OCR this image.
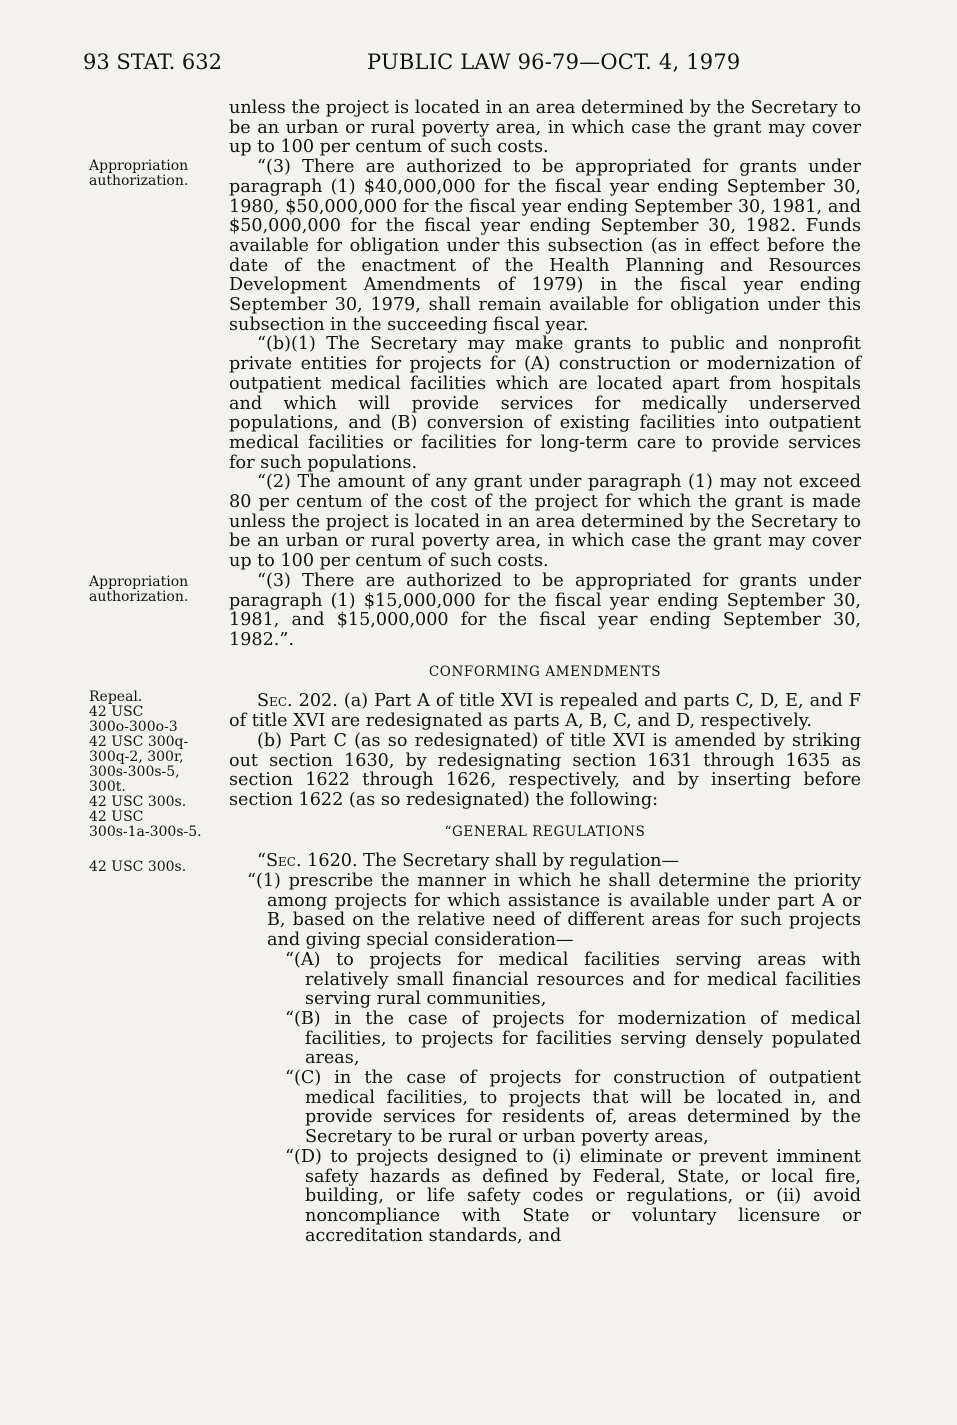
93 STAT. 632	PUBLIC LAW 96-79—OCT. 4, 1979
Appropriation
authorization.
Appropriation
authorization.
Repeal.
42 USC
300o-300o-3
42 USC 300q-
300q-2, 300r,
300s-300s-5,
300t.
42 USC 300s.
42 USC
300s-1a-300s-5.
42 USC 300s.

unless the project is located in an area determined by the Secretary to be an urban or rural poverty area, in which case the grant may cover up to 100 per centum of such costs.

“(3) There are authorized to be appropriated for grants under paragraph (1) $40,000,000 for the fiscal year ending September 30, 1980, $50,000,000 for the fiscal year ending September 30, 1981, and $50,000,000 for the fiscal year ending September 30, 1982. Funds available for obligation under this subsection (as in effect before the date of the enactment of the Health Planning and Resources Development Amendments of 1979) in the fiscal year ending September 30, 1979, shall remain available for obligation under this subsection in the succeeding fiscal year.

“(b)(1) The Secretary may make grants to public and nonprofit private entities for projects for (A) construction or modernization of outpatient medical facilities which are located apart from hospitals and which will provide services for medically underserved populations, and (B) conversion of existing facilities into outpatient medical facilities or facilities for long-term care to provide services for such populations.

“(2) The amount of any grant under paragraph (1) may not exceed 80 per centum of the cost of the project for which the grant is made unless the project is located in an area determined by the Secretary to be an urban or rural poverty area, in which case the grant may cover up to 100 per centum of such costs.

“(3) There are authorized to be appropriated for grants under paragraph (1) $15,000,000 for the fiscal year ending September 30, 1981, and $15,000,000 for the fiscal year ending September 30, 1982.”.

CONFORMING AMENDMENTS

Sec. 202. (a) Part A of title XVI is repealed and parts C, D, E, and F of title XVI are redesignated as parts A, B, C, and D, respectively.

(b) Part C (as so redesignated) of title XVI is amended by striking out section 1630, by redesignating section 1631 through 1635 as section 1622 through 1626, respectively, and by inserting before section 1622 (as so redesignated) the following:

“GENERAL REGULATIONS

“Sec. 1620. The Secretary shall by regulation—

“(1) prescribe the manner in which he shall determine the priority among projects for which assistance is available under part A or B, based on the relative need of different areas for such projects and giving special consideration—

“(A) to projects for medical facilities serving areas with relatively small financial resources and for medical facilities serving rural communities,

“(B) in the case of projects for modernization of medical facilities, to projects for facilities serving densely populated areas,

“(C) in the case of projects for construction of outpatient medical facilities, to projects that will be located in, and provide services for residents of, areas determined by the Secretary to be rural or urban poverty areas,

“(D) to projects designed to (i) eliminate or prevent imminent safety hazards as defined by Federal, State, or local fire, building, or life safety codes or regulations, or (ii) avoid noncompliance with State or voluntary licensure or accreditation standards, and
